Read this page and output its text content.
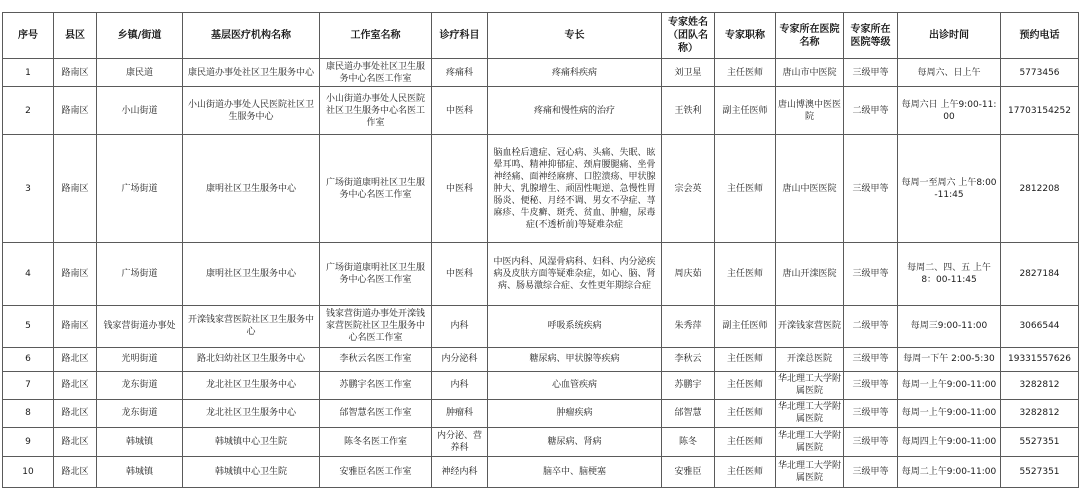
序号	县区	乡镇/街道	基层医疗机构名称	工作室名称	诊疗科目	专长	专家姓名（团队名称）	专家职称	专家所在医院名称	专家所在医院等级	出诊时间	预约电话
1	路南区	康民道	康民道办事处社区卫生服务中心	康民道办事处社区卫生服务中心名医工作室	疼痛科	疼痛科疾病	刘卫星	主任医师	唐山市中医院	三级甲等	每周六、日上午	5773456
2	路南区	小山街道	小山街道办事处人民医院社区卫生服务中心	小山街道办事处人民医院社区卫生服务中心名医工作室	中医科	疼痛和慢性病的治疗	王铁利	副主任医师	唐山博澳中医医院	二级甲等	每周六日 上午9:00-11:00	17703154252
3	路南区	广场街道	康明社区卫生服务中心	广场街道康明社区卫生服务中心名医工作室	中医科	脑血栓后遗症、冠心病、头痛、失眠、眩晕耳鸣、精神抑郁症、颈肩腰腿痛、坐骨神经痛、面神经麻痹、口腔溃疡、甲状腺肿大、乳腺增生、顽固性呃逆、急慢性胃肠炎、便秘、月经不调、男女不孕症、荨麻疹、牛皮癣、斑秃、贫血、肿瘤，尿毒症(不透析前)等疑难杂症	宗会英	主任医师	唐山中医医院	三级甲等	每周一至周六 上午8:00-11:45	2812208
4	路南区	广场街道	康明社区卫生服务中心	广场街道康明社区卫生服务中心名医工作室	中医科	中医内科、风湿骨病科、妇科、内分泌疾病及皮肤方面等疑难杂症，如心、脑、肾病、肠易激综合症、女性更年期综合症	周庆茹	主任医师	唐山开滦医院	三级甲等	每周二、四、五 上午8：00-11:45	2827184
5	路南区	钱家营街道办事处	开滦钱家营医院社区卫生服务中心	钱家营街道办事处开滦钱家营医院社区卫生服务中心名医工作室	内科	呼吸系统疾病	朱秀萍	副主任医师	开滦钱家营医院	二级甲等	每周三9:00-11:00	3066544
6	路北区	光明街道	路北妇幼社区卫生服务中心	李秋云名医工作室	内分泌科	糖尿病、甲状腺等疾病	李秋云	主任医师	开滦总医院	三级甲等	每周一下午 2:00-5:30	19331557626
7	路北区	龙东街道	龙北社区卫生服务中心	苏鹏宇名医工作室	内科	心血管疾病	苏鹏宇	主任医师	华北理工大学附属医院	三级甲等	每周一上午9:00-11:00	3282812
8	路北区	龙东街道	龙北社区卫生服务中心	邰智慧名医工作室	肿瘤科	肿瘤疾病	邰智慧	主任医师	华北理工大学附属医院	三级甲等	每周一上午9:00-11:00	3282812
9	路北区	韩城镇	韩城镇中心卫生院	陈冬名医工作室	内分泌、营养科	糖尿病、肾病	陈冬	主任医师	华北理工大学附属医院	三级甲等	每周四上午9:00-11:00	5527351
10	路北区	韩城镇	韩城镇中心卫生院	安雅臣名医工作室	神经内科	脑卒中、脑梗塞	安雅臣	主任医师	华北理工大学附属医院	三级甲等	每周二上午9:00-11:00	5527351
